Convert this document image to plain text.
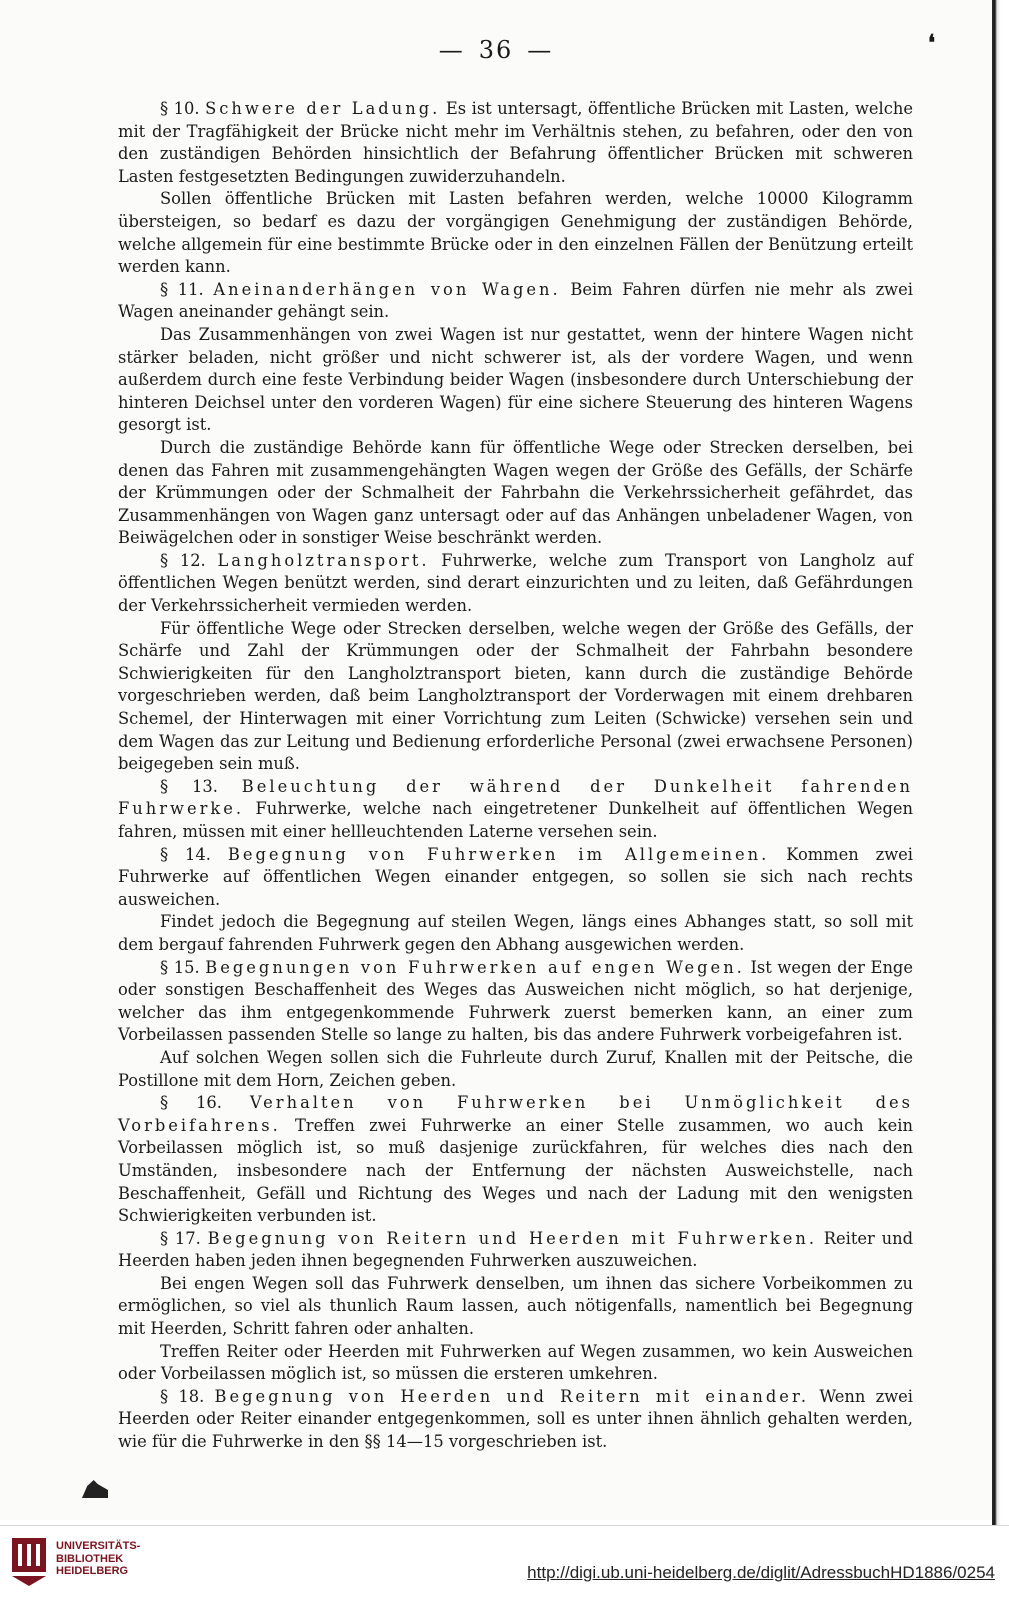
— 36 —	❛

§ 10. Schwere der Ladung. Es ist untersagt, öffentliche Brücken mit Lasten, welche mit der Tragfähigkeit der Brücke nicht mehr im Verhältnis stehen, zu befahren, oder den von den zuständigen Behörden hinsichtlich der Befahrung öffentlicher Brücken mit schweren Lasten festgesetzten Bedingungen zuwiderzuhandeln.

Sollen öffentliche Brücken mit Lasten befahren werden, welche 10000 Kilogramm übersteigen, so bedarf es dazu der vorgängigen Genehmigung der zuständigen Behörde, welche allgemein für eine bestimmte Brücke oder in den einzelnen Fällen der Benützung erteilt werden kann.

§ 11. Aneinanderhängen von Wagen. Beim Fahren dürfen nie mehr als zwei Wagen aneinander gehängt sein.

Das Zusammenhängen von zwei Wagen ist nur gestattet, wenn der hintere Wagen nicht stärker beladen, nicht größer und nicht schwerer ist, als der vordere Wagen, und wenn außerdem durch eine feste Verbindung beider Wagen (insbesondere durch Unterschiebung der hinteren Deichsel unter den vorderen Wagen) für eine sichere Steuerung des hinteren Wagens gesorgt ist.

Durch die zuständige Behörde kann für öffentliche Wege oder Strecken derselben, bei denen das Fahren mit zusammengehängten Wagen wegen der Größe des Gefälls, der Schärfe der Krümmungen oder der Schmalheit der Fahrbahn die Verkehrssicherheit gefährdet, das Zusammenhängen von Wagen ganz untersagt oder auf das Anhängen unbeladener Wagen, von Beiwägelchen oder in sonstiger Weise beschränkt werden.

§ 12. Langholztransport. Fuhrwerke, welche zum Transport von Langholz auf öffentlichen Wegen benützt werden, sind derart einzurichten und zu leiten, daß Gefährdungen der Verkehrssicherheit vermieden werden.

Für öffentliche Wege oder Strecken derselben, welche wegen der Größe des Gefälls, der Schärfe und Zahl der Krümmungen oder der Schmalheit der Fahrbahn besondere Schwierigkeiten für den Langholztransport bieten, kann durch die zuständige Behörde vorgeschrieben werden, daß beim Langholztransport der Vorderwagen mit einem drehbaren Schemel, der Hinterwagen mit einer Vorrichtung zum Leiten (Schwicke) versehen sein und dem Wagen das zur Leitung und Bedienung erforderliche Personal (zwei erwachsene Personen) beigegeben sein muß.

§ 13. Beleuchtung der während der Dunkelheit fahrenden Fuhrwerke. Fuhrwerke, welche nach eingetretener Dunkelheit auf öffentlichen Wegen fahren, müssen mit einer hellleuchtenden Laterne versehen sein.

§ 14. Begegnung von Fuhrwerken im Allgemeinen. Kommen zwei Fuhrwerke auf öffentlichen Wegen einander entgegen, so sollen sie sich nach rechts ausweichen.

Findet jedoch die Begegnung auf steilen Wegen, längs eines Abhanges statt, so soll mit dem bergauf fahrenden Fuhrwerk gegen den Abhang ausgewichen werden.

§ 15. Begegnungen von Fuhrwerken auf engen Wegen. Ist wegen der Enge oder sonstigen Beschaffenheit des Weges das Ausweichen nicht möglich, so hat derjenige, welcher das ihm entgegenkommende Fuhrwerk zuerst bemerken kann, an einer zum Vorbeilassen passenden Stelle so lange zu halten, bis das andere Fuhrwerk vorbeigefahren ist.

Auf solchen Wegen sollen sich die Fuhrleute durch Zuruf, Knallen mit der Peitsche, die Postillone mit dem Horn, Zeichen geben.

§ 16. Verhalten von Fuhrwerken bei Unmöglichkeit des Vorbeifahrens. Treffen zwei Fuhrwerke an einer Stelle zusammen, wo auch kein Vorbeilassen möglich ist, so muß dasjenige zurückfahren, für welches dies nach den Umständen, insbesondere nach der Entfernung der nächsten Ausweichstelle, nach Beschaffenheit, Gefäll und Richtung des Weges und nach der Ladung mit den wenigsten Schwierigkeiten verbunden ist.

§ 17. Begegnung von Reitern und Heerden mit Fuhrwerken. Reiter und Heerden haben jeden ihnen begegnenden Fuhrwerken auszuweichen.

Bei engen Wegen soll das Fuhrwerk denselben, um ihnen das sichere Vorbeikommen zu ermöglichen, so viel als thunlich Raum lassen, auch nötigenfalls, namentlich bei Begegnung mit Heerden, Schritt fahren oder anhalten.

Treffen Reiter oder Heerden mit Fuhrwerken auf Wegen zusammen, wo kein Ausweichen oder Vorbeilassen möglich ist, so müssen die ersteren umkehren.

§ 18. Begegnung von Heerden und Reitern mit einander. Wenn zwei Heerden oder Reiter einander entgegenkommen, soll es unter ihnen ähnlich gehalten werden, wie für die Fuhrwerke in den §§ 14—15 vorgeschrieben ist.

UNIVERSITÄTS-
BIBLIOTHEK
HEIDELBERG	http://digi.ub.uni-heidelberg.de/diglit/AdressbuchHD1886/0254
